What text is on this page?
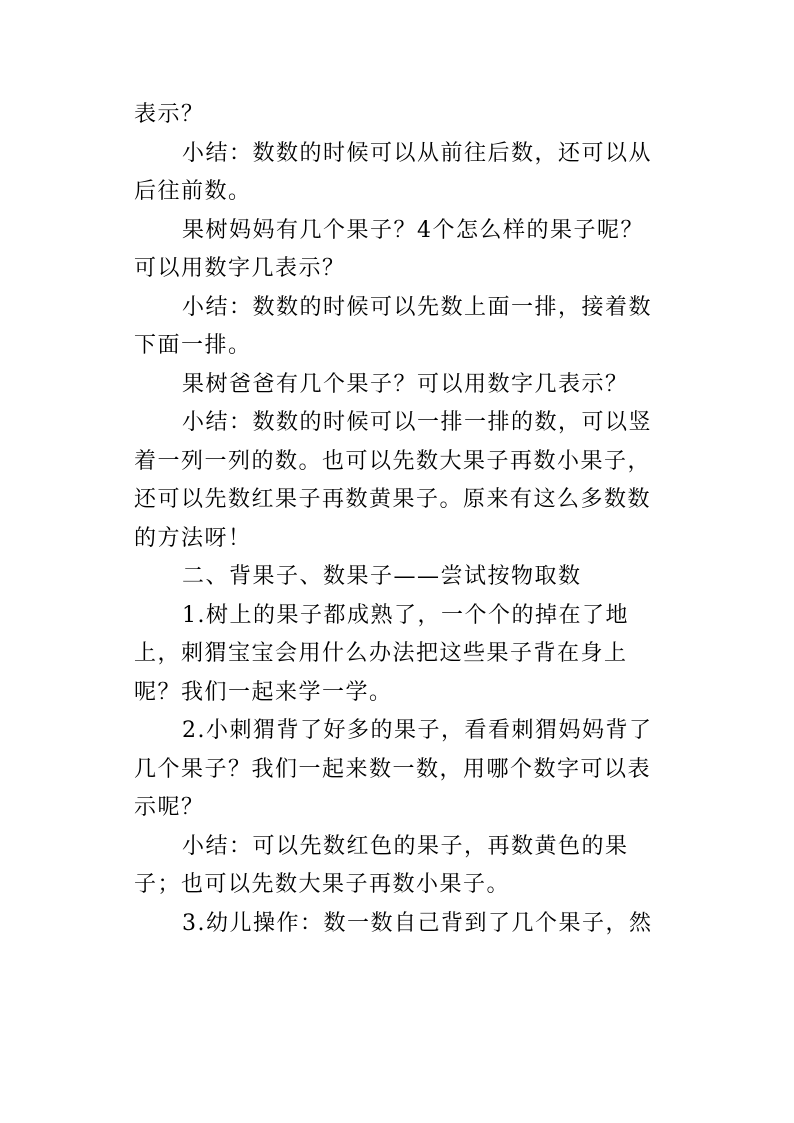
表示？

小结：数数的时候可以从前往后数，还可以从后往前数。

果树妈妈有几个果子？4个怎么样的果子呢？可以用数字几表示？

小结：数数的时候可以先数上面一排，接着数下面一排。

果树爸爸有几个果子？可以用数字几表示？

小结：数数的时候可以一排一排的数，可以竖着一列一列的数。也可以先数大果子再数小果子，还可以先数红果子再数黄果子。原来有这么多数数的方法呀！

二、背果子、数果子——尝试按物取数

1.树上的果子都成熟了，一个个的掉在了地上，刺猬宝宝会用什么办法把这些果子背在身上呢？我们一起来学一学。

2.小刺猬背了好多的果子，看看刺猬妈妈背了几个果子？我们一起来数一数，用哪个数字可以表示呢？

小结：可以先数红色的果子，再数黄色的果子；也可以先数大果子再数小果子。

3.幼儿操作：数一数自己背到了几个果子，然
